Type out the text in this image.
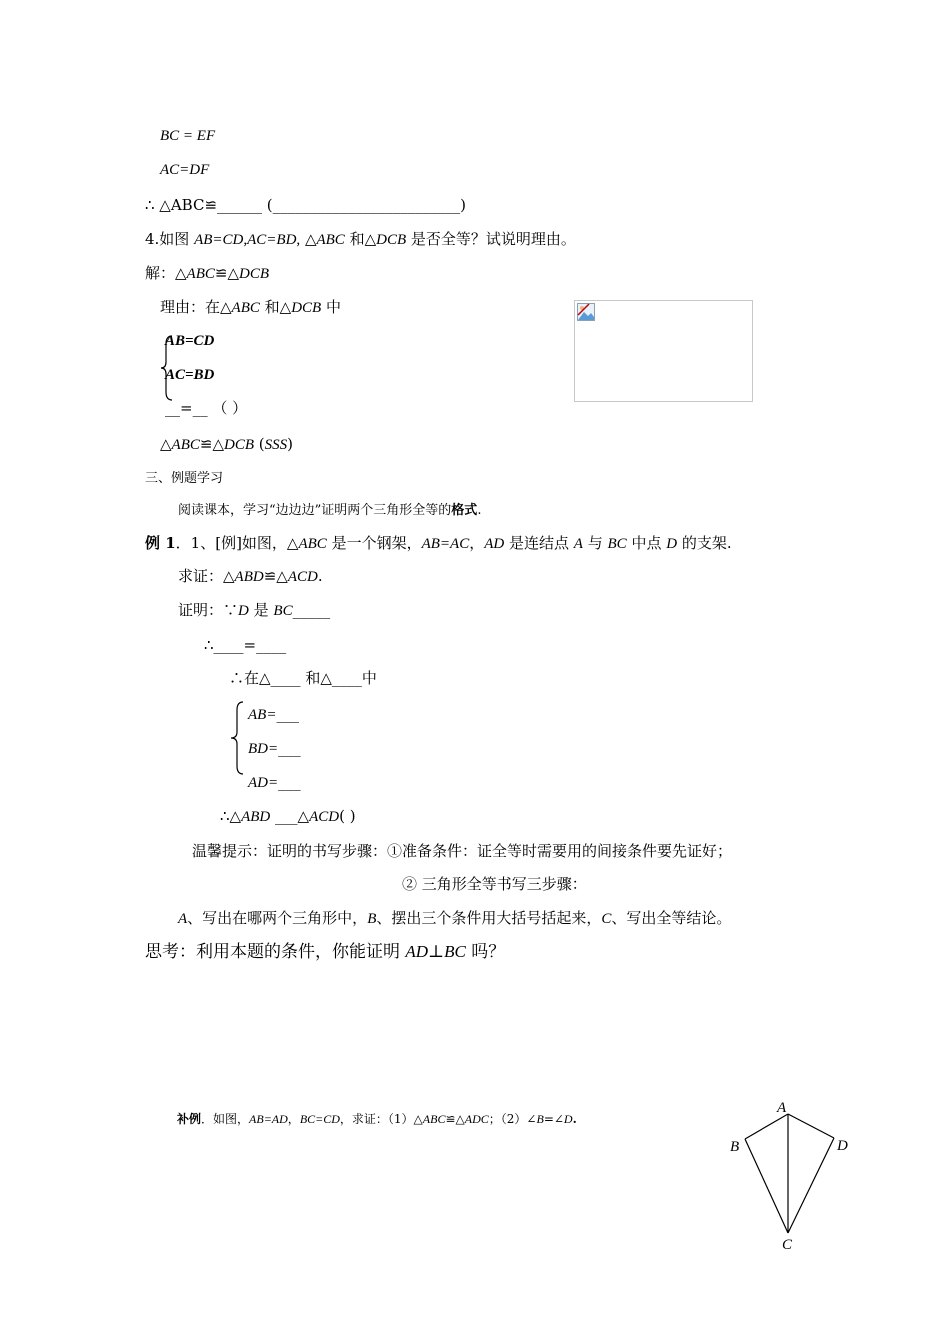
BC = EF
AC=DF
∴ △ABC≌______ (_________________________)
4.如图 AB=CD,AC=BD, △ABC 和△DCB 是否全等？试说明理由。
解：△ABC≌△DCB
理由：在△ABC 和△DCB 中
AB=CD
AC=BD
__=__ （ ）
△ABC≌△DCB (SSS)
三、例题学习
阅读课本，学习“边边边”证明两个三角形全等的格式.
例 1．1、[例]如图，△ABC 是一个钢架，AB=AC，AD 是连结点 A 与 BC 中点 D 的支架.
求证：△ABD≌△ACD.
证明：∵D 是 BC_____
∴____=____
∴在△____ 和△____中
AB=___
BD=___
AD=___
∴△ABD ___△ACD( )
温馨提示：证明的书写步骤：①准备条件：证全等时需要用的间接条件要先证好；
② 三角形全等书写三步骤：
A、写出在哪两个三角形中，B、摆出三个条件用大括号括起来，C、写出全等结论。
思考：利用本题的条件，你能证明 AD⊥BC 吗？
补例．如图，AB=AD，BC=CD，求证：（1）△ABC≌△ADC；（2）∠B=∠D.
A
B	D
C
